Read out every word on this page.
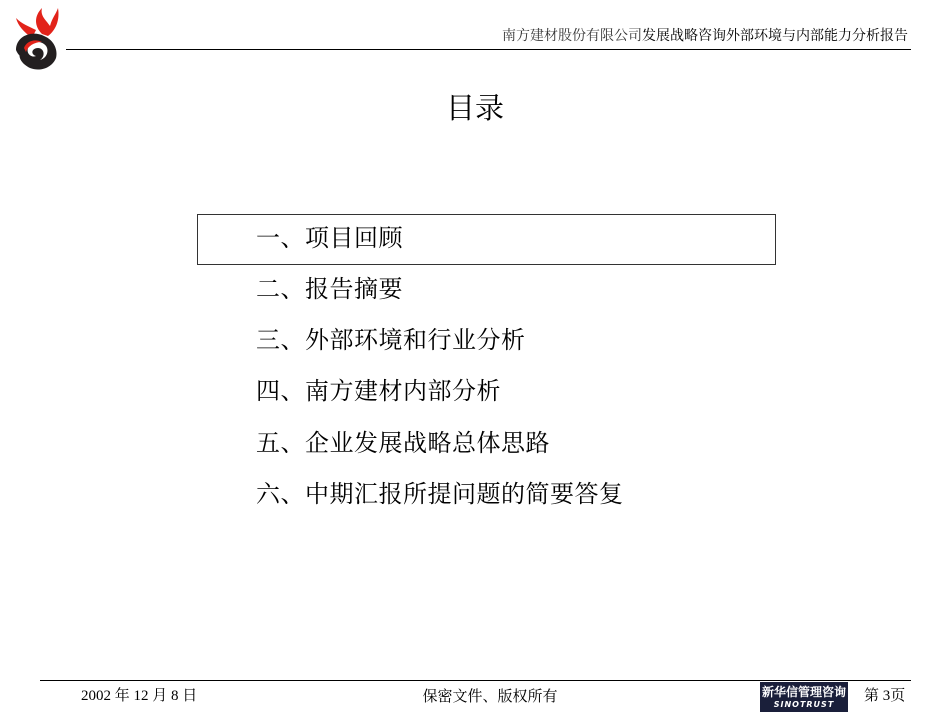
南方建材股份有限公司发展战略咨询外部环境与内部能力分析报告
目录
一、项目回顾
二、报告摘要
三、外部环境和行业分析
四、南方建材内部分析
五、企业发展战略总体思路
六、中期汇报所提问题的简要答复
2002 年 12 月 8 日	保密文件、版权所有	新华信管理咨询
SINOTRUST 第 3页
